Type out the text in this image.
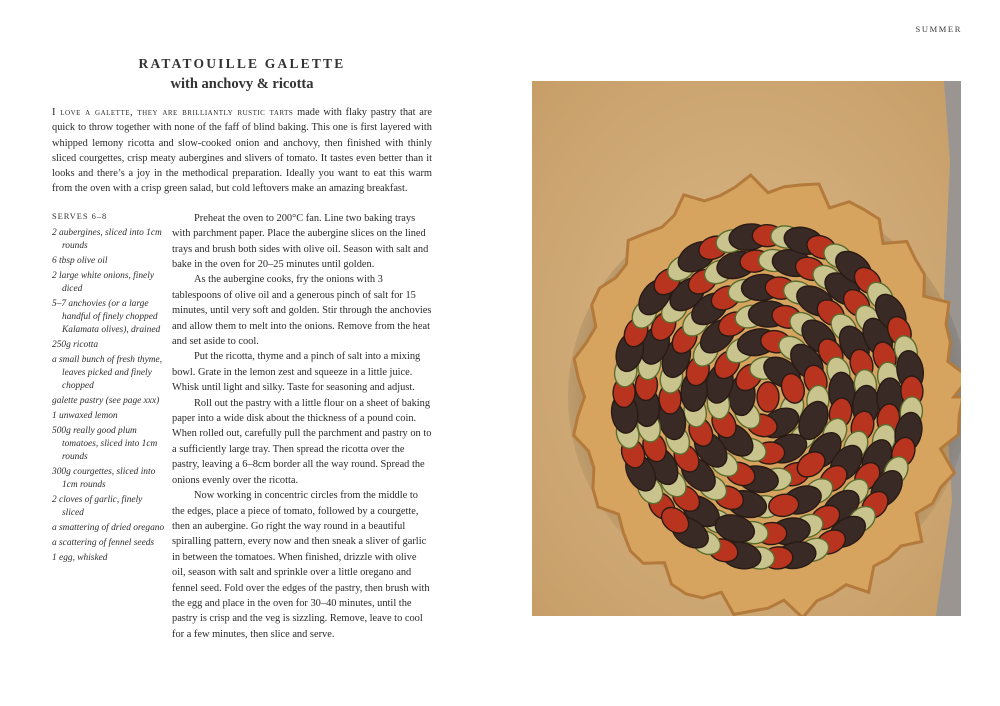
SUMMER
RATATOUILLE GALETTE
with anchovy & ricotta
I love a galette, they are brilliantly rustic tarts made with flaky pastry that are quick to throw together with none of the faff of blind baking. This one is first layered with whipped lemony ricotta and slow-cooked onion and anchovy, then finished with thinly sliced courgettes, crisp meaty aubergines and slivers of tomato. It tastes even better than it looks and there’s a joy in the methodical preparation. Ideally you want to eat this warm from the oven with a crisp green salad, but cold leftovers make an amazing breakfast.
SERVES 6–8
2 aubergines, sliced into 1cm rounds
6 tbsp olive oil
2 large white onions, finely diced
5–7 anchovies (or a large handful of finely chopped Kalamata olives), drained
250g ricotta
a small bunch of fresh thyme, leaves picked and finely chopped
galette pastry (see page xxx)
1 unwaxed lemon
500g really good plum tomatoes, sliced into 1cm rounds
300g courgettes, sliced into 1cm rounds
2 cloves of garlic, finely sliced
a smattering of dried oregano
a scattering of fennel seeds
1 egg, whisked

Preheat the oven to 200°C fan. Line two baking trays with parchment paper. Place the aubergine slices on the lined trays and brush both sides with olive oil. Season with salt and bake in the oven for 20–25 minutes until golden.

As the aubergine cooks, fry the onions with 3 tablespoons of olive oil and a generous pinch of salt for 15 minutes, until very soft and golden. Stir through the anchovies and allow them to melt into the onions. Remove from the heat and set aside to cool.

Put the ricotta, thyme and a pinch of salt into a mixing bowl. Grate in the lemon zest and squeeze in a little juice. Whisk until light and silky. Taste for seasoning and adjust.

Roll out the pastry with a little flour on a sheet of baking paper into a wide disk about the thickness of a pound coin. When rolled out, carefully pull the parchment and pastry on to a sufficiently large tray. Then spread the ricotta over the pastry, leaving a 6–8cm border all the way round. Spread the onions evenly over the ricotta.

Now working in concentric circles from the middle to the edges, place a piece of tomato, followed by a courgette, then an aubergine. Go right the way round in a beautiful spiralling pattern, every now and then sneak a sliver of garlic in between the tomatoes. When finished, drizzle with olive oil, season with salt and sprinkle over a little oregano and fennel seed. Fold over the edges of the pastry, then brush with the egg and place in the oven for 30–40 minutes, until the pastry is crisp and the veg is sizzling. Remove, leave to cool for a few minutes, then slice and serve.
